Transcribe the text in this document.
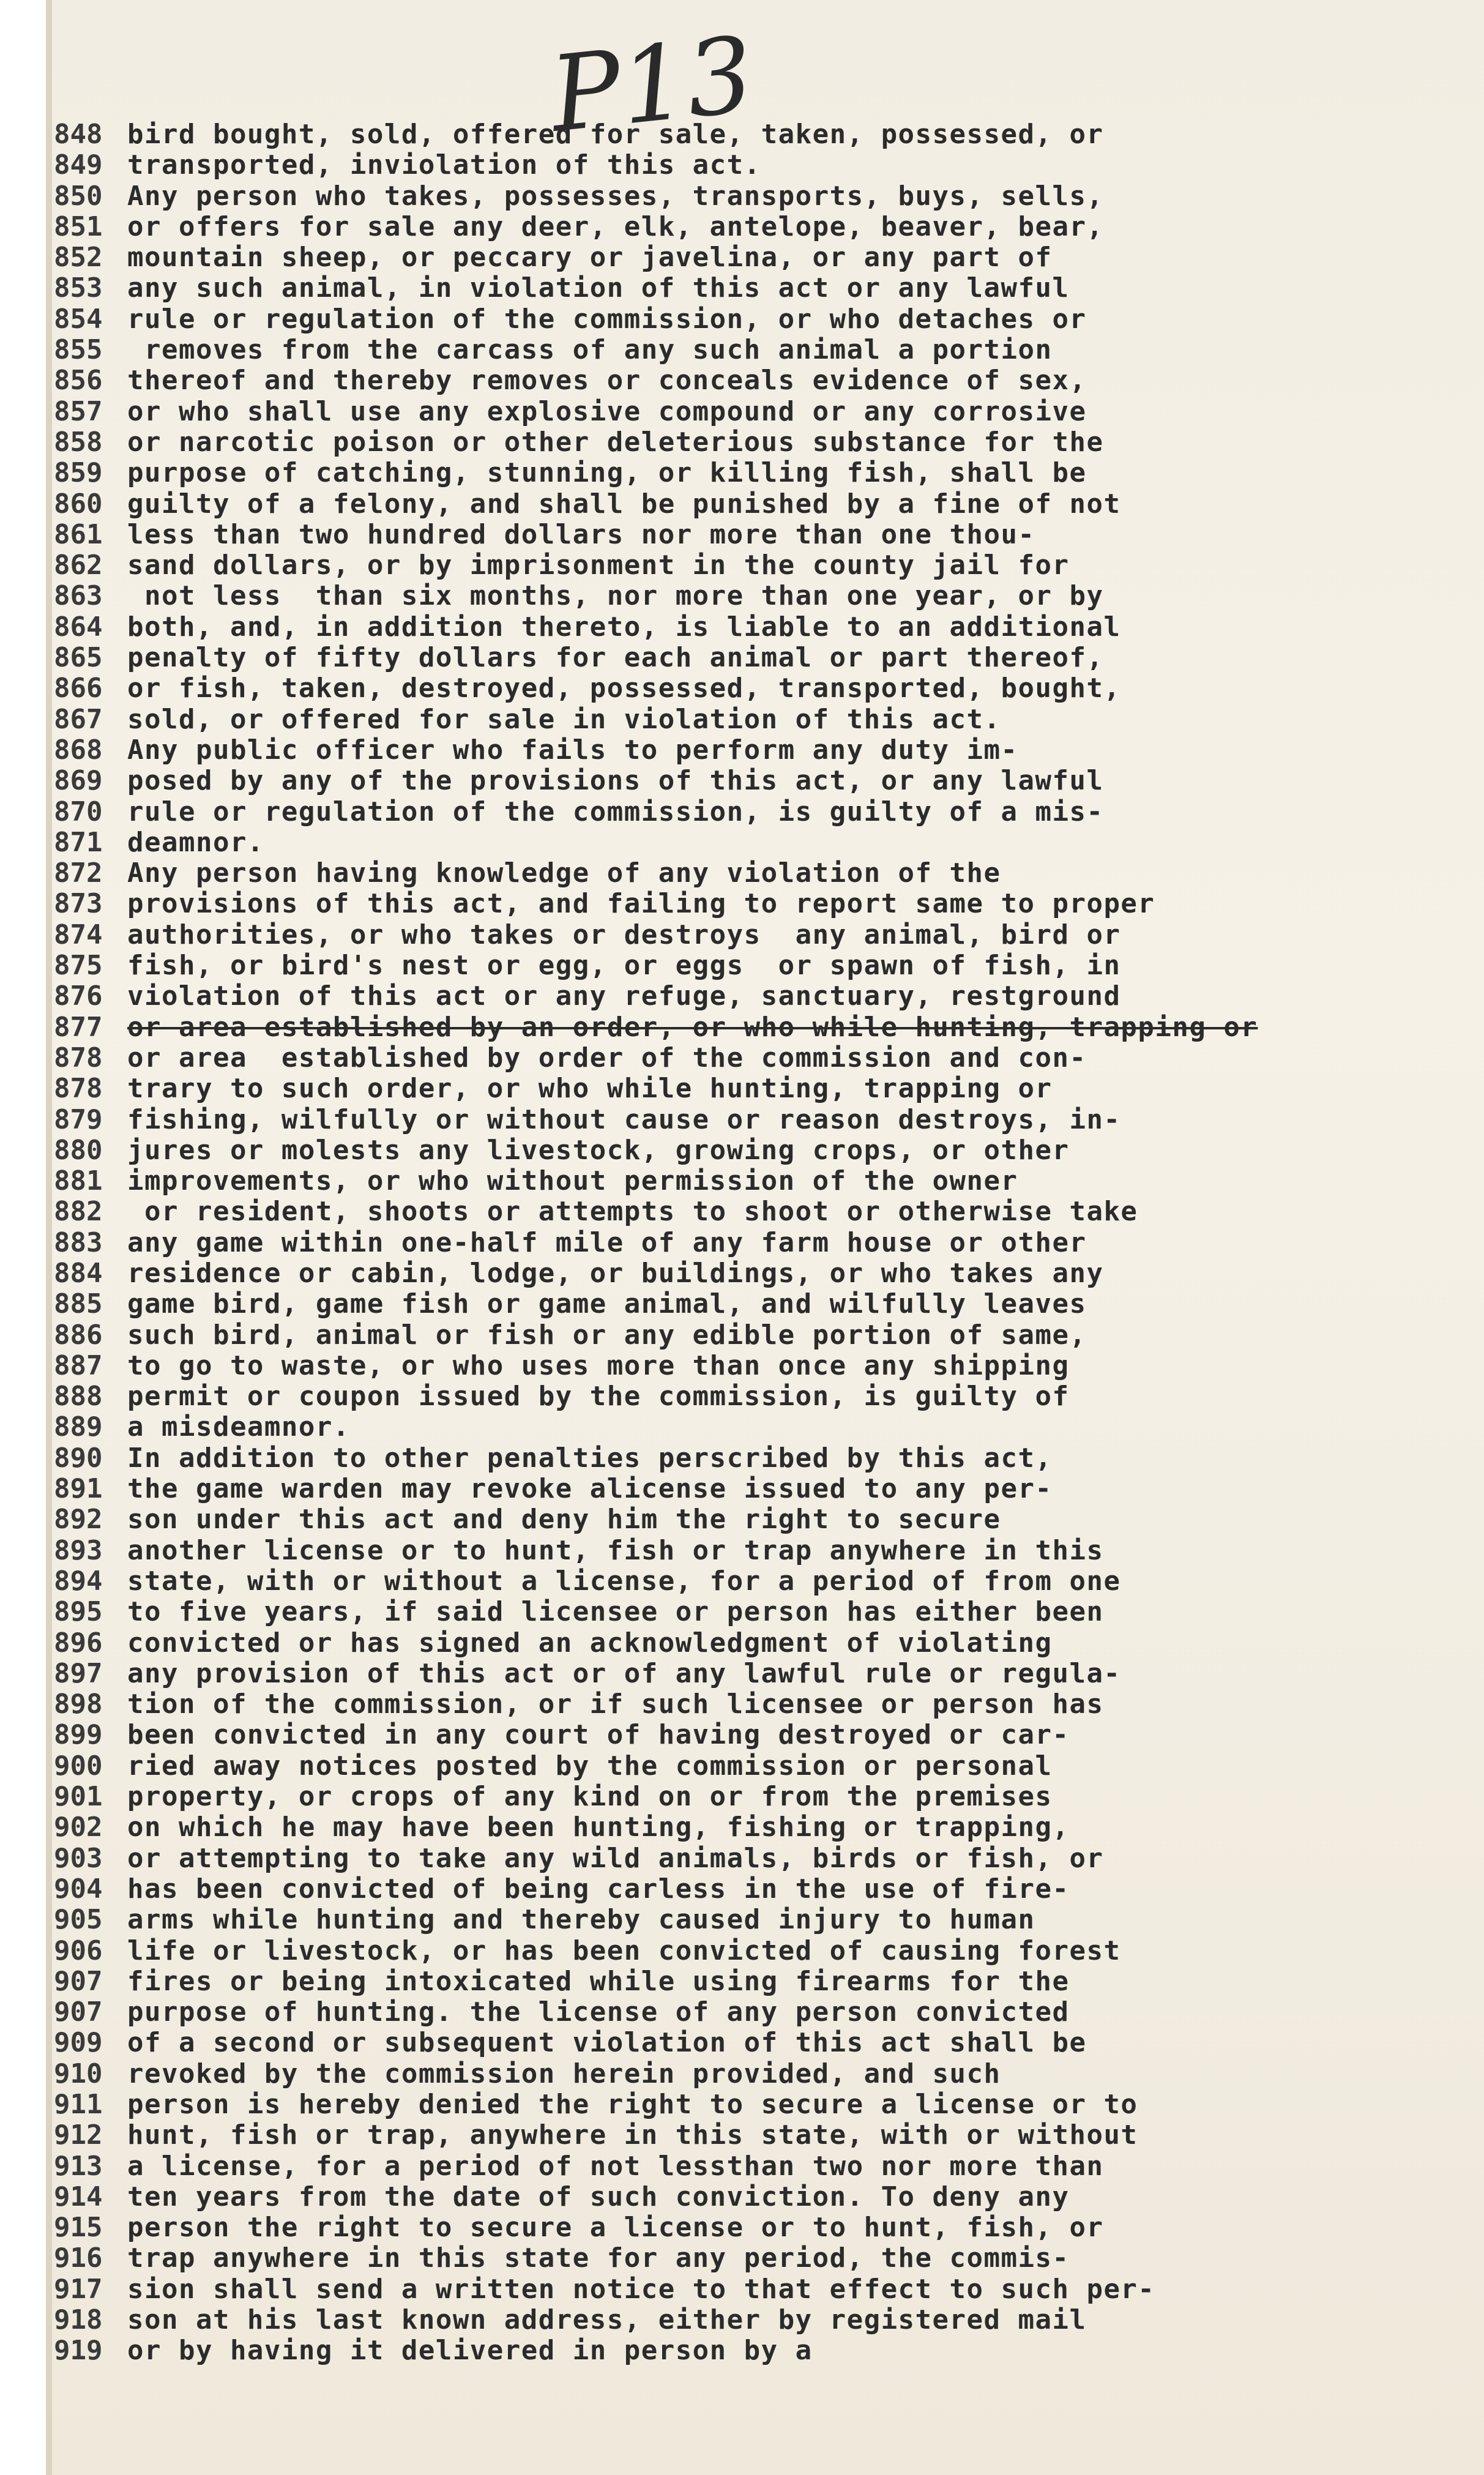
P13
848 bird bought, sold, offered for sale, taken, possessed, or
849 transported, inviolation of this act.
850 Any person who takes, possesses, transports, buys, sells,
851 or offers for sale any deer, elk, antelope, beaver, bear,
852 mountain sheep, or peccary or javelina, or any part of
853 any such animal, in violation of this act or any lawful
854 rule or regulation of the commission, or who detaches or
855 removes from the carcass of any such animal a portion
856 thereof and thereby removes or conceals evidence of sex,
857 or who shall use any explosive compound or any corrosive
858 or narcotic poison or other deleterious substance for the
859 purpose of catching, stunning, or killing fish, shall be
860 guilty of a felony, and shall be punished by a fine of not
861 less than two hundred dollars nor more than one thou-
862 sand dollars, or by imprisonment in the county jail for
863 not less  than six months, nor more than one year, or by
864 both, and, in addition thereto, is liable to an additional
865 penalty of fifty dollars for each animal or part thereof,
866 or fish, taken, destroyed, possessed, transported, bought,
867 sold, or offered for sale in violation of this act.
868 Any public officer who fails to perform any duty im-
869 posed by any of the provisions of this act, or any lawful
870 rule or regulation of the commission, is guilty of a mis-
871 deamnor.
872 Any person having knowledge of any violation of the
873 provisions of this act, and failing to report same to proper
874 authorities, or who takes or destroys  any animal, bird or
875 fish, or bird's nest or egg, or eggs  or spawn of fish, in
876 violation of this act or any refuge, sanctuary, restground
877 or area established by an order, or who while hunting, trapping or
878 or area  established by order of the commission and con-
878 trary to such order, or who while hunting, trapping or
879 fishing, wilfully or without cause or reason destroys, in-
880 jures or molests any livestock, growing crops, or other
881 improvements, or who without permission of the owner
882 or resident, shoots or attempts to shoot or otherwise take
883 any game within one-half mile of any farm house or other
884 residence or cabin, lodge, or buildings, or who takes any
885 game bird, game fish or game animal, and wilfully leaves
886 such bird, animal or fish or any edible portion of same,
887 to go to waste, or who uses more than once any shipping
888 permit or coupon issued by the commission, is guilty of
889 a misdeamnor.
890 In addition to other penalties perscribed by this act,
891 the game warden may revoke alicense issued to any per-
892 son under this act and deny him the right to secure
893 another license or to hunt, fish or trap anywhere in this
894 state, with or without a license, for a period of from one
895 to five years, if said licensee or person has either been
896 convicted or has signed an acknowledgment of violating
897 any provision of this act or of any lawful rule or regula-
898 tion of the commission, or if such licensee or person has
899 been convicted in any court of having destroyed or car-
900 ried away notices posted by the commission or personal
901 property, or crops of any kind on or from the premises
902 on which he may have been hunting, fishing or trapping,
903 or attempting to take any wild animals, birds or fish, or
904 has been convicted of being carless in the use of fire-
905 arms while hunting and thereby caused injury to human
906 life or livestock, or has been convicted of causing forest
907 fires or being intoxicated while using firearms for the
907 purpose of hunting. the license of any person convicted
909 of a second or subsequent violation of this act shall be
910 revoked by the commission herein provided, and such
911 person is hereby denied the right to secure a license or to
912 hunt, fish or trap, anywhere in this state, with or without
913 a license, for a period of not lessthan two nor more than
914 ten years from the date of such conviction. To deny any
915 person the right to secure a license or to hunt, fish, or
916 trap anywhere in this state for any period, the commis-
917 sion shall send a written notice to that effect to such per-
918 son at his last known address, either by registered mail
919 or by having it delivered in person by a
